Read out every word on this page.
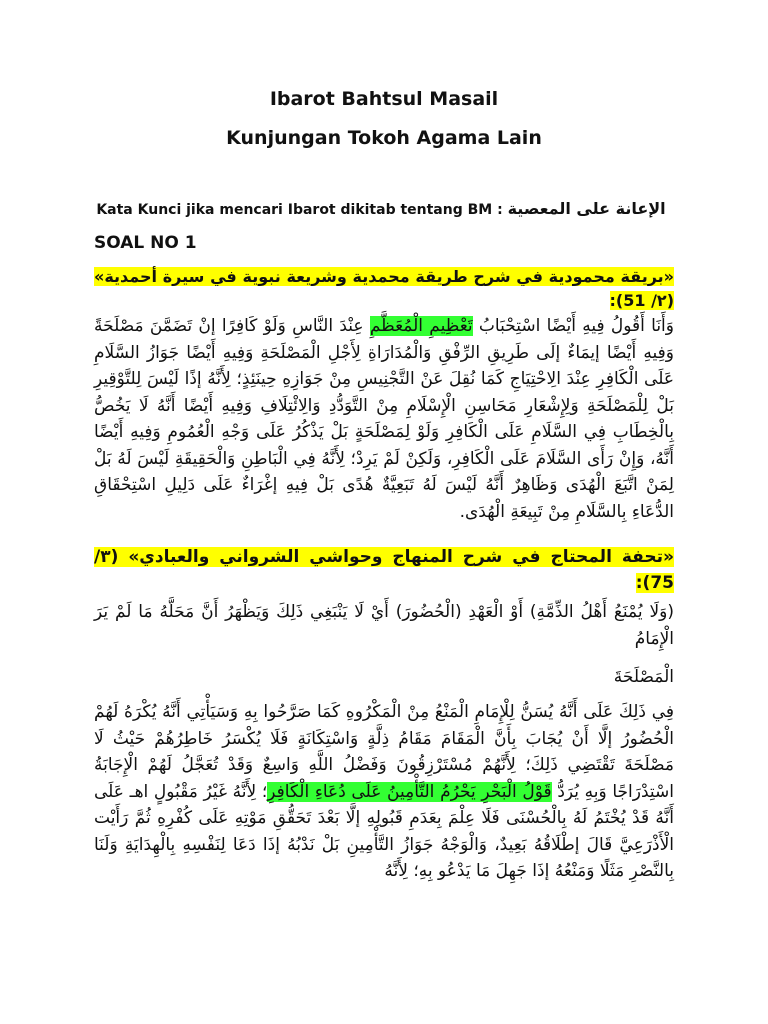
Ibarot Bahtsul Masail
Kunjungan Tokoh Agama Lain
Kata Kunci jika mencari Ibarot dikitab tentang BM : الإعانة على المعصية
SOAL NO 1
«بريقة محمودية في شرح طريقة محمدية وشريعة نبوية في سيرة أحمدية» (٢/ 51):
وَأَنَا أَقُولُ فِيهِ أَيْضًا اسْتِحْبَابُ تَعْظِيمِ الْمُعَظَّمِ عِنْدَ النَّاسِ وَلَوْ كَافِرًا إنْ تَضَمَّنَ مَصْلَحَةً وَفِيهِ أَيْضًا إيمَاءٌ إلَى طَرِيقِ الرِّفْقِ وَالْمُدَارَاةِ لِأَجْلِ الْمَصْلَحَةِ وَفِيهِ أَيْضًا جَوَازُ السَّلَامِ عَلَى الْكَافِرِ عِنْدَ الِاحْتِيَاجِ كَمَا نُقِلَ عَنْ التَّجْنِيسِ مِنْ جَوَازِهِ حِينَئِذٍ؛ لِأَنَّهُ إذًا لَيْسَ لِلتَّوْقِيرِ بَلْ لِلْمَصْلَحَةِ وَلِإِشْعَارِ مَحَاسِنِ الْإِسْلَامِ مِنْ التَّوَدُّدِ وَالِائْتِلَافِ وَفِيهِ أَيْضًا أَنَّهُ لَا يَخُصُّ بِالْخِطَابِ فِي السَّلَامِ عَلَى الْكَافِرِ وَلَوْ لِمَصْلَحَةٍ بَلْ يَذْكُرُ عَلَى وَجْهِ الْعُمُومِ وَفِيهِ أَيْضًا أَنَّهُ، وَإِنْ رَأَى السَّلَامَ عَلَى الْكَافِرِ، وَلَكِنْ لَمْ يَرِدْ؛ لِأَنَّهُ فِي الْبَاطِنِ وَالْحَقِيقَةِ لَيْسَ لَهُ بَلْ لِمَنْ اتَّبَعَ الْهُدَى وَظَاهِرٌ أَنَّهُ لَيْسَ لَهُ تَبَعِيَّةٌ هُدًى بَلْ فِيهِ إغْرَاءٌ عَلَى دَلِيلِ اسْتِحْقَاقِ الدُّعَاءِ بِالسَّلَامِ مِنْ تَبِيعَةِ الْهُدَى.
«تحفة المحتاج في شرح المنهاج وحواشي الشرواني والعبادي» (٣/ 75):
(وَلَا يُمْنَعُ أَهْلُ الذِّمَّةِ) أَوْ الْعَهْدِ (الْحُضُورَ) أَيْ لَا يَنْبَغِي ذَلِكَ وَيَظْهَرُ أَنَّ مَحَلَّهُ مَا لَمْ يَرَ الْإِمَامُ
الْمَصْلَحَةَ
فِي ذَلِكَ عَلَى أَنَّهُ يُسَنُّ لِلْإِمَامِ الْمَنْعُ مِنْ الْمَكْرُوهِ كَمَا صَرَّحُوا بِهِ وَسَيَأْتِي أَنَّهُ يُكْرَهُ لَهُمْ الْحُضُورُ إلَّا أَنْ يُجَابَ بِأَنَّ الْمَقَامَ مَقَامُ ذِلَّةٍ وَاسْتِكَانَةٍ فَلَا يُكْسَرُ خَاطِرُهُمْ حَيْثُ لَا مَصْلَحَةَ تَقْتَضِي ذَلِكَ؛ لِأَنَّهُمْ مُسْتَرْزِقُونَ وَفَضْلُ اللَّهِ وَاسِعٌ وَقَدْ تُعَجَّلُ لَهُمْ الْإِجَابَةُ اسْتِدْرَاجًا وَبِهِ يُرَدُّ قَوْلُ الْبَحْرِ يَحْرُمُ التَّأْمِينُ عَلَى دُعَاءِ الْكَافِرِ؛ لِأَنَّهُ غَيْرُ مَقْبُولٍ اهـ عَلَى أَنَّهُ قَدْ يُخْتَمُ لَهُ بِالْحُسْنَى فَلَا عِلْمَ بِعَدَمِ قَبُولِهِ إلَّا بَعْدَ تَحَقُّقِ مَوْتِهِ عَلَى كُفْرِهِ ثُمَّ رَأَيْت الْأَذْرَعِيَّ قَالَ إطْلَاقُهُ بَعِيدٌ، وَالْوَجْهُ جَوَازُ التَّأْمِينِ بَلْ نَدْبُهُ إذَا دَعَا لِنَفْسِهِ بِالْهِدَايَةِ وَلَنَا بِالنَّصْرِ مَثَلًا وَمَنْعُهُ إذَا جَهِلَ مَا يَدْعُو بِهِ؛ لِأَنَّهُ
